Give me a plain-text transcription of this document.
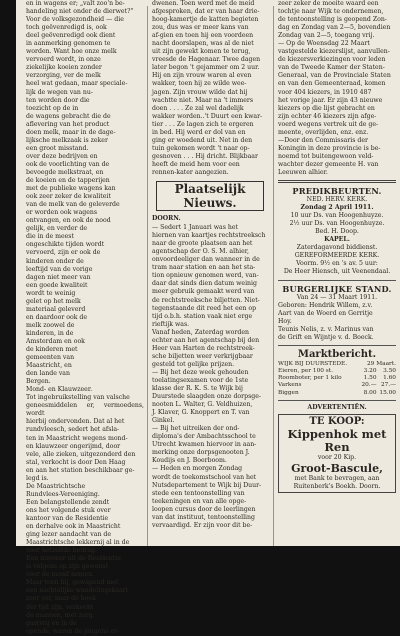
en in wagens er; „valt zoo'n be-

handeling niet onder de dierwet?"

Voor de volksgezondheid — die

toch geëvenredigd is, ook

deel geëvenredigd ook dient

in aanmerking genomen te

worden. Want hoe onze melk

vervoerd wordt, in onze

ziekelijke koeien zonder

verzorging, ver de melk

heel wat gedaan, maar speciale-

lijk de wegen van nu-

ten worden door die

toezicht op de in

de wagens gebracht die de

aflevering van het product

doen melk, maar in de dage-

lijksche melkzaak is zeker

een groot misstand.

over deze bedrijven en

ook de voorlichting van de

bevoegde melkstraat, en

de koeien en de tapperijen

met de publieke wagens kan

ook zeer zeker de kwaliteit

van de melk van de geleverde

er worden ook wagens

ontvangen, en ook de nood

gelijk, en verder de

die in de meest

ongeschikte tijden wordt

vervoerd, zijn er ook de

kinderen onder de

leeftijd van de vorige

dagen niet meer van

een goede kwaliteit

wordt te weinig

gelet op het melk

materiaal geleverd

en daardoor ook de

melk zoowel de

kinderen, in de

Amsterdam en ook

de kinderen met

gemeenten van

Maastricht, en

den lande van

Bergen.

Mond- en Klauwzeer.

Tot ingebruikstelling van valsche

geneesmiddelen er, vermoedens, wordt

hierbij ondervonden. Dat al het

rundvleesch, sedert het afsla-

ten in Maastricht wegens mond-

en klauwzeer ongerijmd, door

vele, alle zieken, uitgezonderd den

stal, verkocht is door Den Haag

en aan het station beschikbaar ge-

legd is.

De Maastrichtsche

Rundvlees-Vereeniging.

Een belangstellende zendt

ons het volgende stuk over

kantoor van de Residentie

en derhalve ook in Maastricht

ging lezer aandacht van de

Maastrichtsche lekkernij al in de

voor hetzelfde bedrag.

Een inwoner uit de Residentie

is volgens op zijn gewenst

voor de mond nemen.

Maar toen hij, gewapend met

een nachtelijke wandelingskaart

zeer ver, naar de hoek

der tijd zijn, verkocht

de mannen, met zorg,

gastvrij en in de

opende, waren de jongens er-

dwenen. Toen werd met de meid

afgesproken, dat er van haar drie-

hoog-kamertje de katten begieten

zou, dus was er meer kans van

af-gien en toen hij een voordeen

nacht doorslapen, was al de niet

uit zijn gewekt komen te terug,

vreesde de Hagenaar. Twee dagen

later begon 't gejammer om 2 uur.

Hij en zijn vrouw waren al even

wakker, toen hij ze wilde wee-

jagen. Zijn vrouw wilde dat hij

wachtte niet. Maar na 't immers

doen . . . . Ze zal wel dadelijk

wakker worden..'t Duurt een kwar-

tier . . . Ze lagen zich te ergeren

in bed. Hij werd er dol van en

ging er woedend uit. Net in den

tuin gekomen wordt 't naar op-

gesnoven . . . Hij dricht. Blijkbaar

heeft de meid hem voor een

rennen-kater aangezien.

Plaatselijk Nieuws.

DOORN.

— Sedert 1 Januari was het

hiernen van kaartjes rechtstreeksch

naar de groote plaatsen aan het

agentschap der O. S. M. alhier,

onvoordeeliger dan wanneer in de

tram naar station en aan het sta-

tion opnieuw genomen werd, van-

daar dat sinds dien datum weinig

meer gebruik gemaakt werd van

de rechtstreeksche biljetten. Niet-

tegenstaande dit reed het een op

tijd o.b.h. station vaak niet erge

rieftijk was.

Vanaf heden, Zaterdag worden

echter aan het agentschap bij den

Heer van Harten de rechtstreek-

sche biljetten weer verkrijgbaar

gesteld tot gelijke prijzen.

— Bij het deze week gehouden

toelatingsexamen voor de 1ste

klasse der R. K. S. te Wijk bij

Duurstede slaagden onze dorpsge-

nooten L. Walter, G. Veldhuizen,

J. Klaver, G. Knoppert en T. van

Ginkel.

— Bij het uitreiken der ond-

diploma's der Ambachtsschool te

Utrecht kwamen hiervoor in aan-

merking onze dorpsgenooten J.

Koudijs en J. Boerboom.

— Heden en morgen Zondag

wordt de toekomstschool van het

Nutsdepartement te Wijk bij Duur-

stede een tentoonstelling van

teekeningen en van alle opge-

loopen cursus door de leerlingen

van dat instituut, tentoonstelling

vervaardigd. Er zijn voor dit be-

zeer zeker de moeite waard een

tochtje naar Wijk te ondernemen,

de tentoonstelling is geopend Zon-

dag en Zondag van 2—5, bovendien

Zondag van 2—5, toegang vrij.

— Op de Woensdag 22 Maart

vastgestelde kiezerslijst, aanvullen-

de kiezersverkiezingen voor leden

van de Tweede Kamer der Staten-

Generaal, van de Provinciale Staten

en van den Gemeenteraad, komen

voor 404 kiezers, in 1910 487

het vorige jaar. Er zijn 43 nieuwe

kiezers op die lijst gebracht en

zijn echter 46 kiezers zijn afge-

voerd wegens vertrek uit de ge-

meente, overlijden, enz. enz.

—Door den Commissaris der

Koningin in deze provincie is be-

noemd tot buitengewoon veld-

wachter dezer gemeente H. van

Leeuwen alhier.

PREDIKBEURTEN.

NED. HERV. KERK.

Zondag 2 April 1911.

10 uur Ds. van Hoogenhuyze.

2½ uur Ds. van Hoogenhuyze.

Bed. H. Doop.

KAPEL.

Zaterdagavond biddienst.

GEREFORMEERDE KERK.

Voorm. 9½ en 's av. 5 uur:

De Heer Hiensch, uit Veenendaal.

BURGERLIJKE STAND.

Van 24 — 31 Maart 1911.

Geboren: Hendrik Willem, z.v.

Aart van de Woerd en Gerritje

Hoy.

Teunis Nelis, z. v. Marinus van

de Grift en Wijntje v. d. Boeck.

Marktbericht.

WIJK BIJ DUURSTEDE.	29 Maart.	
Eieren, per 100 st.	3.20	3.50
Roomboter, per 1 kilo	1.50	1.60
Varkens	20.—	27.—
Biggen	8.00	15.00

ADVERTENTIËN.

TE KOOP:

Kippenhok met Ren

voor 20 Kip.

Groot-Bascule,

met Bank te bevragen, aan

Ruitenberk's Boekh. Doorn.
